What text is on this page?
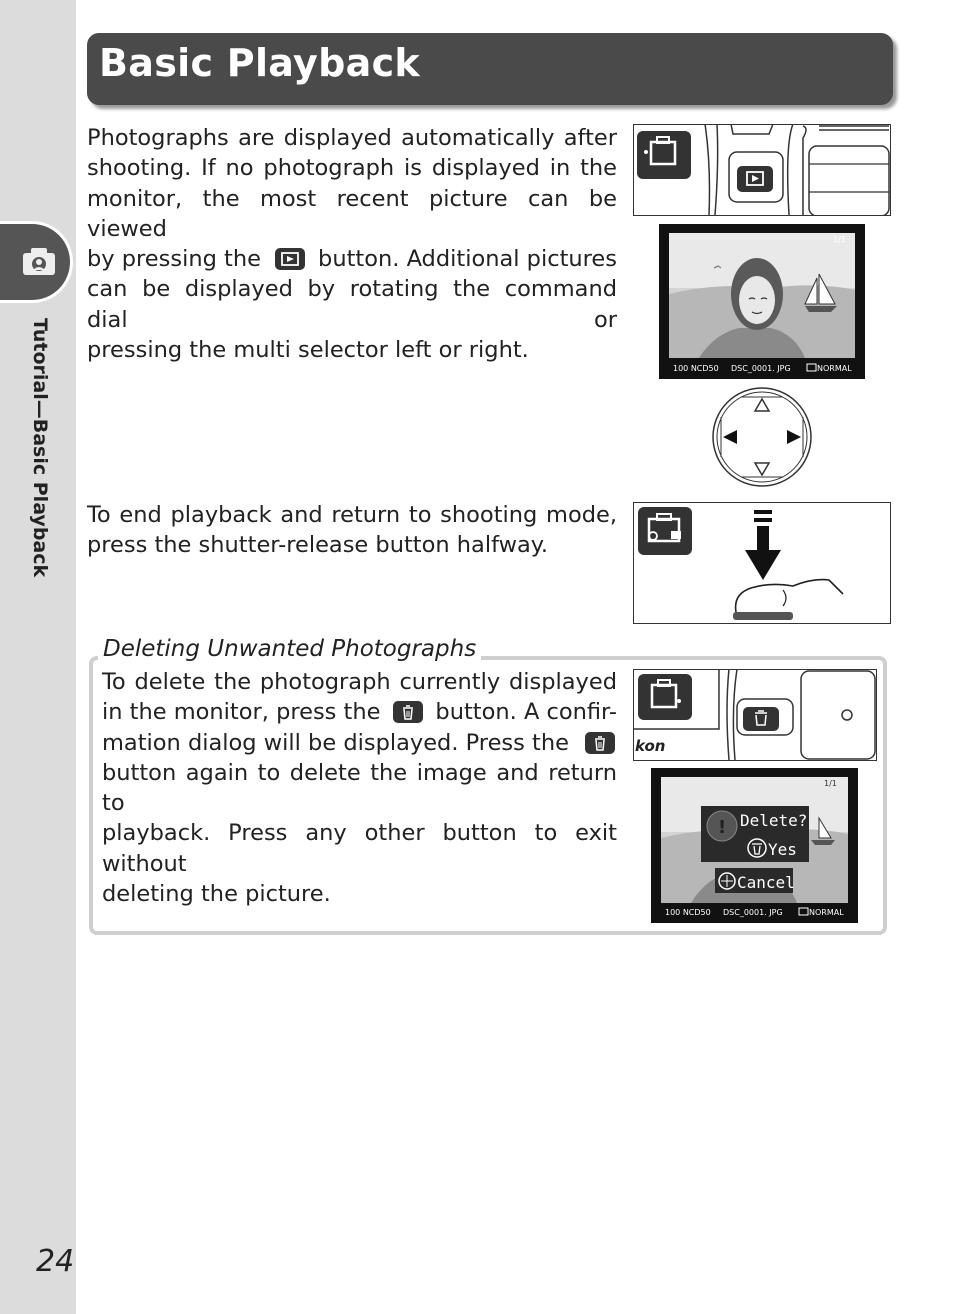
Tutorial—Basic Playback
24
Basic Playback
Photographs are displayed automatically after
shooting. If no photograph is displayed in the
monitor, the most recent picture can be viewed
by pressing the	button. Additional pictures
can be displayed by rotating the command dial or
pressing the multi selector left or right.
1/1
100 NCD50 DSC_0001. JPG	NORMAL
To end playback and return to shooting mode,
press the shutter-release button halfway.
Deleting Unwanted Photographs
To delete the photograph currently displayed
in the monitor, press the button. A confir-
mation dialog will be displayed. Press the
button again to delete the image and return to
playback. Press any other button to exit without
deleting the picture.
kon
1/1
! Delete?
Yes
Cancel
100 NCD50 DSC_0001. JPG	NORMAL
